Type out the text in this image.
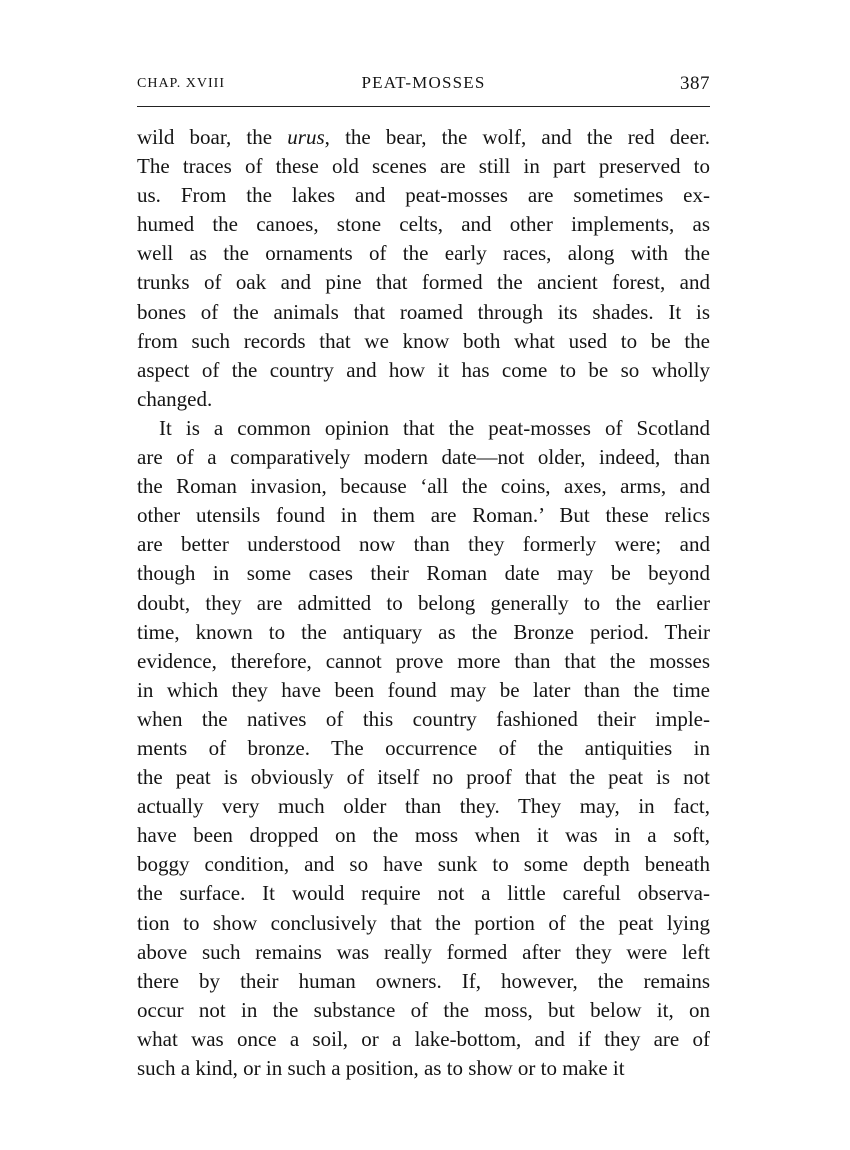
CHAP. XVIII	PEAT-MOSSES	387
wild boar, the urus, the bear, the wolf, and the red deer.
The traces of these old scenes are still in part preserved to
us. From the lakes and peat-mosses are sometimes ex-
humed the canoes, stone celts, and other implements, as
well as the ornaments of the early races, along with the
trunks of oak and pine that formed the ancient forest, and
bones of the animals that roamed through its shades. It is
from such records that we know both what used to be the
aspect of the country and how it has come to be so wholly
changed.
It is a common opinion that the peat-mosses of Scotland
are of a comparatively modern date—not older, indeed, than
the Roman invasion, because ‘all the coins, axes, arms, and
other utensils found in them are Roman.’ But these relics
are better understood now than they formerly were; and
though in some cases their Roman date may be beyond
doubt, they are admitted to belong generally to the earlier
time, known to the antiquary as the Bronze period. Their
evidence, therefore, cannot prove more than that the mosses
in which they have been found may be later than the time
when the natives of this country fashioned their imple-
ments of bronze. The occurrence of the antiquities in
the peat is obviously of itself no proof that the peat is not
actually very much older than they. They may, in fact,
have been dropped on the moss when it was in a soft,
boggy condition, and so have sunk to some depth beneath
the surface. It would require not a little careful observa-
tion to show conclusively that the portion of the peat lying
above such remains was really formed after they were left
there by their human owners. If, however, the remains
occur not in the substance of the moss, but below it, on
what was once a soil, or a lake-bottom, and if they are of
such a kind, or in such a position, as to show or to make it
